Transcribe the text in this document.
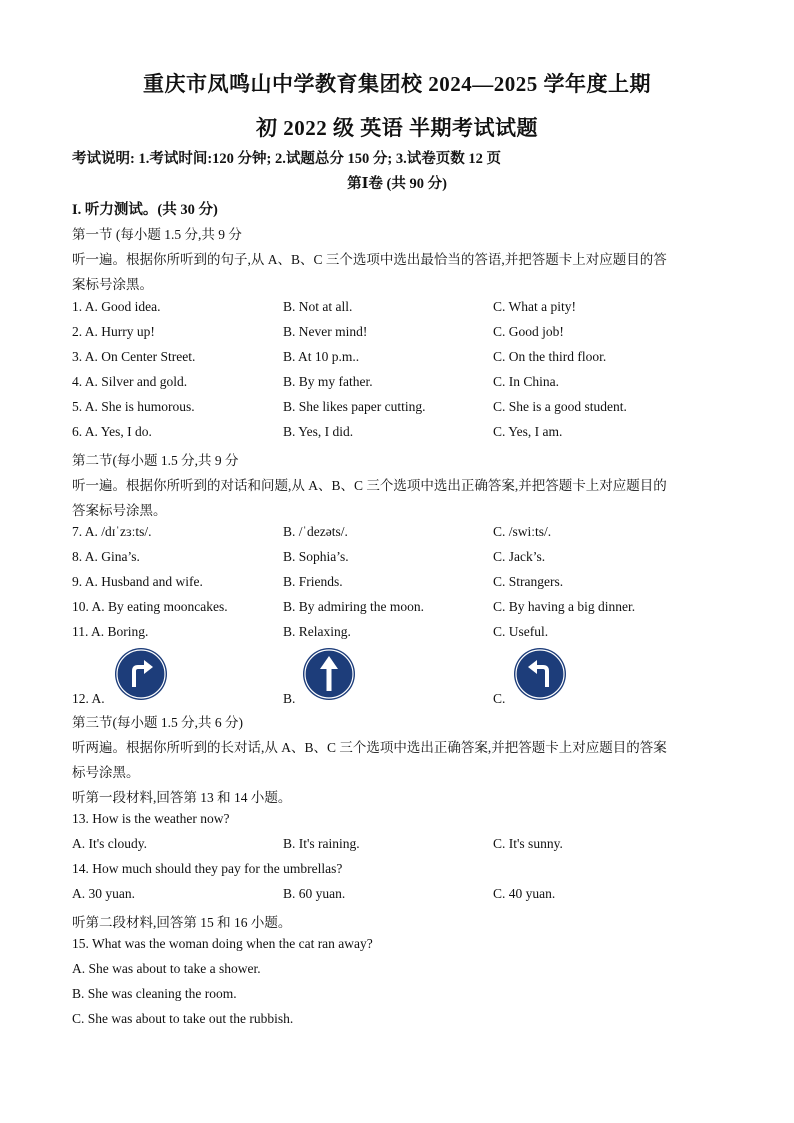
重庆市凤鸣山中学教育集团校 2024—2025 学年度上期
初 2022 级 英语 半期考试试题
考试说明: 1.考试时间:120 分钟; 2.试题总分 150 分; 3.试卷页数 12 页
第Ⅰ卷 (共 90 分)
I. 听力测试。(共 30 分)
第一节 (每小题 1.5 分,共 9 分
听一遍。根据你所听到的句子,从 A、B、C 三个选项中选出最恰当的答语,并把答题卡上对应题目的答
案标号涂黑。
1. A. Good idea.	B. Not at all.	C. What a pity!
2. A. Hurry up!	B. Never mind!	C. Good job!
3. A. On Center Street.	B. At 10 p.m..	C. On the third floor.
4. A. Silver and gold.	B. By my father.	C. In China.
5. A. She is humorous.	B. She likes paper cutting.	C. She is a good student.
6. A. Yes, I do.	B. Yes, I did.	C. Yes, I am.
第二节(每小题 1.5 分,共 9 分
听一遍。根据你所听到的对话和问题,从 A、B、C 三个选项中选出正确答案,并把答题卡上对应题目的
答案标号涂黑。
7. A. /dɪˈzɜːts/.	B. /ˈdezəts/.	C. /swiːts/.
8. A. Gina’s.	B. Sophia’s.	C. Jack’s.
9. A. Husband and wife.	B. Friends.	C. Strangers.
10. A. By eating mooncakes.	B. By admiring the moon.	C. By having a big dinner.
11. A. Boring.	B. Relaxing.	C. Useful.
12. A.	B.	C.
第三节(每小题 1.5 分,共 6 分)
听两遍。根据你所听到的长对话,从 A、B、C 三个选项中选出正确答案,并把答题卡上对应题目的答案
标号涂黑。
听第一段材料,回答第 13 和 14 小题。
13. How is the weather now?
A. It's cloudy.	B. It's raining.	C. It's sunny.
14. How much should they pay for the umbrellas?
A. 30 yuan.	B. 60 yuan.	C. 40 yuan.
听第二段材料,回答第 15 和 16 小题。
15. What was the woman doing when the cat ran away?
A. She was about to take a shower.
B. She was cleaning the room.
C. She was about to take out the rubbish.
